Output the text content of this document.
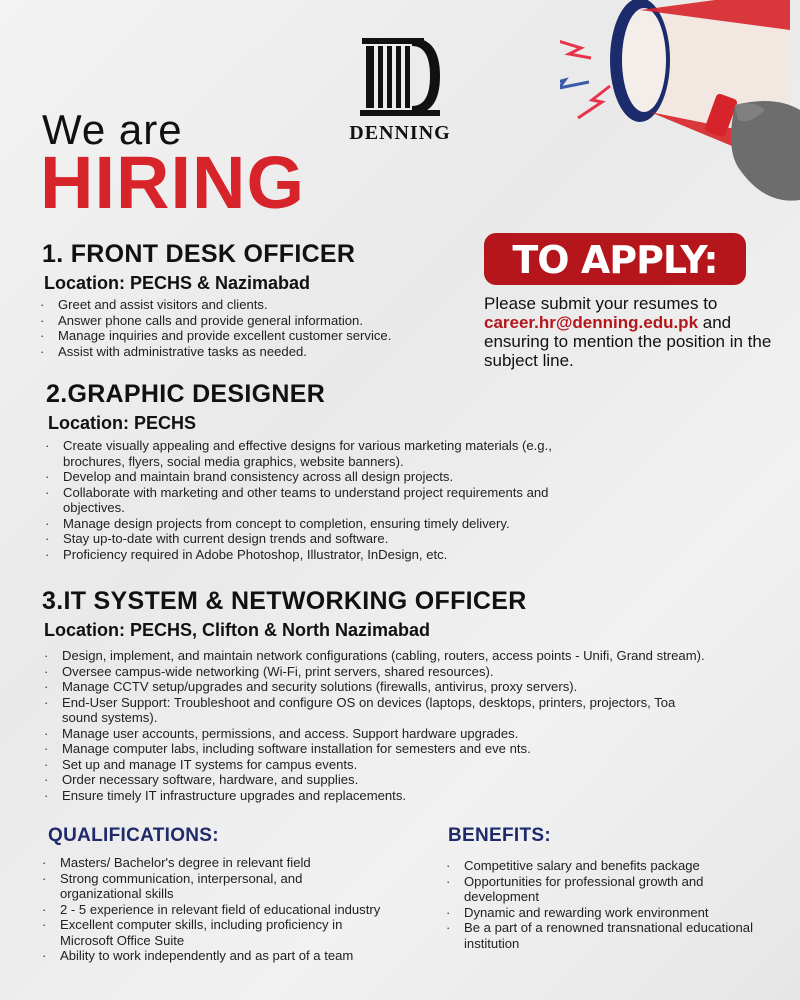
DENNING
We are
HIRING
1. FRONT DESK OFFICER
Location: PECHS & Nazimabad
· Greet and assist visitors and clients.
· Answer phone calls and provide general information.
· Manage inquiries and provide excellent customer service.
· Assist with administrative tasks as needed.
TO APPLY:
Please submit your resumes to career.hr@denning.edu.pk and ensuring to mention the position in the subject line.
2.GRAPHIC DESIGNER
Location: PECHS
· Create visually appealing and effective designs for various marketing materials (e.g., brochures, flyers, social media graphics, website banners).
· Develop and maintain brand consistency across all design projects.
· Collaborate with marketing and other teams to understand project requirements and objectives.
· Manage design projects from concept to completion, ensuring timely delivery.
· Stay up-to-date with current design trends and software.
· Proficiency required in Adobe Photoshop, Illustrator, InDesign, etc.
3.IT SYSTEM & NETWORKING OFFICER
Location: PECHS, Clifton & North Nazimabad
· Design, implement, and maintain network configurations (cabling, routers, access points - Unifi, Grand stream).
· Oversee campus-wide networking (Wi-Fi, print servers, shared resources).
· Manage CCTV setup/upgrades and security solutions (firewalls, antivirus, proxy servers).
· End-User Support: Troubleshoot and configure OS on devices (laptops, desktops, printers, projectors, Toa sound systems).
· Manage user accounts, permissions, and access. Support hardware upgrades.
· Manage computer labs, including software installation for semesters and eve nts.
· Set up and manage IT systems for campus events.
· Order necessary software, hardware, and supplies.
· Ensure timely IT infrastructure upgrades and replacements.
QUALIFICATIONS:
· Masters/ Bachelor's degree in relevant field
· Strong communication, interpersonal, and organizational skills
· 2 - 5 experience in relevant field of educational industry
· Excellent computer skills, including proficiency in Microsoft Office Suite
· Ability to work independently and as part of a team
BENEFITS:
· Competitive salary and benefits package
· Opportunities for professional growth and development
· Dynamic and rewarding work environment
· Be a part of a renowned transnational educational institution
